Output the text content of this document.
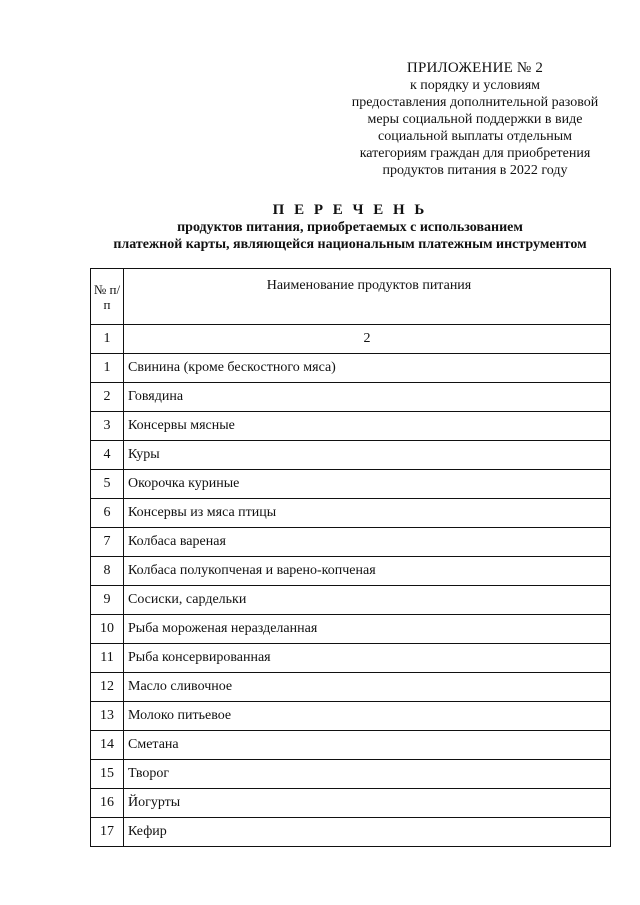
ПРИЛОЖЕНИЕ № 2
к порядку и условиям
предоставления дополнительной разовой
меры социальной поддержки в виде
социальной выплаты отдельным
категориям граждан для приобретения
продуктов питания в 2022 году
П Е Р Е Ч Е Н Ь
продуктов питания, приобретаемых с использованием
платежной карты, являющейся национальным платежным инструментом
№ п/п	Наименование продуктов питания
1	2
1	Свинина (кроме бескостного мяса)
2	Говядина
3	Консервы мясные
4	Куры
5	Окорочка куриные
6	Консервы из мяса птицы
7	Колбаса вареная
8	Колбаса полукопченая и варено-копченая
9	Сосиски, сардельки
10	Рыба мороженая неразделанная
11	Рыба консервированная
12	Масло сливочное
13	Молоко питьевое
14	Сметана
15	Творог
16	Йогурты
17	Кефир
